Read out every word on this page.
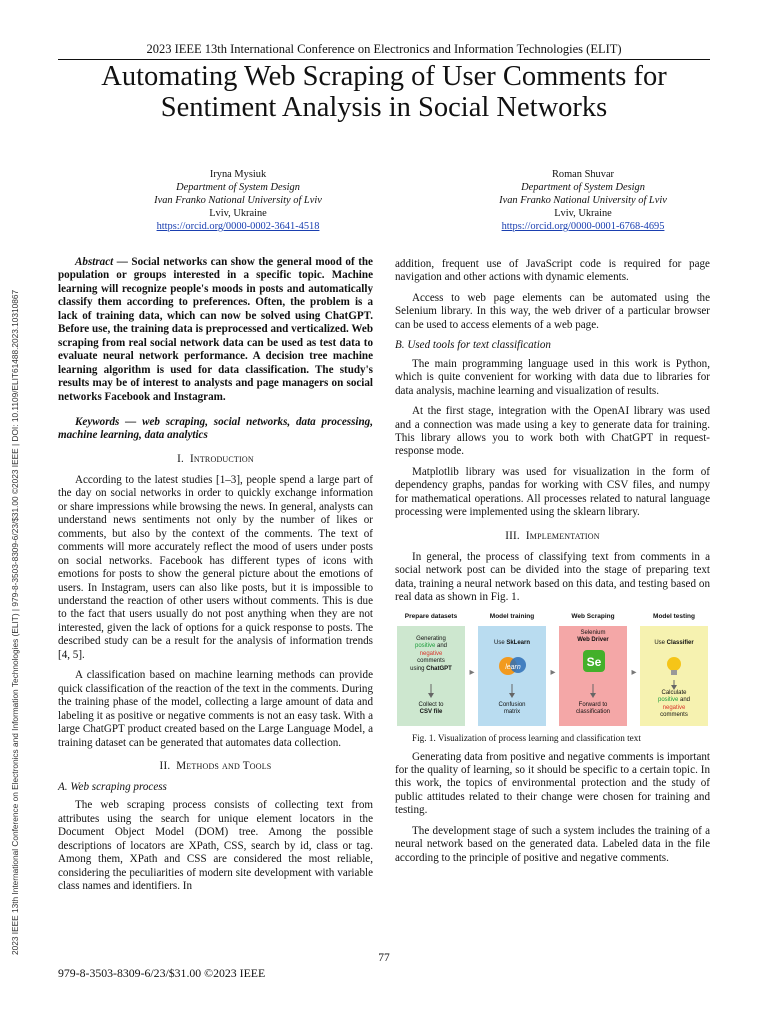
2023 IEEE 13th International Conference on Electronics and Information Technologies (ELIT) | 979-8-3503-8309-6/23/$31.00 ©2023 IEEE | DOI: 10.1109/ELIT61488.2023.10310867
2023 IEEE 13th International Conference on Electronics and Information Technologies (ELIT)
Automating Web Scraping of User Comments for
Sentiment Analysis in Social Networks
Iryna Mysiuk
Department of System Design
Ivan Franko National University of Lviv
Lviv, Ukraine
https://orcid.org/0000-0002-3641-4518
Roman Shuvar
Department of System Design
Ivan Franko National University of Lviv
Lviv, Ukraine
https://orcid.org/0000-0001-6768-4695

Abstract — Social networks can show the general mood of the population or groups interested in a specific topic. Machine learning will recognize people's moods in posts and automatically classify them according to preferences. Often, the problem is a lack of training data, which can now be solved using ChatGPT. Before use, the training data is preprocessed and verticalized. Web scraping from real social network data can be used as test data to evaluate neural network performance. A decision tree machine learning algorithm is used for data classification. The study's results may be of interest to analysts and page managers on social networks Facebook and Instagram.

Keywords — web scraping, social networks, data processing, machine learning, data analytics

I. Introduction

According to the latest studies [1–3], people spend a large part of the day on social networks in order to quickly exchange information or share impressions while browsing the news. In general, analysts can understand news sentiments not only by the number of likes or comments, but also by the context of the comments. The text of comments will more accurately reflect the mood of users under posts on social networks. Facebook has different types of icons with emotions for posts to show the general picture about the emotions of users. In Instagram, users can also like posts, but it is impossible to understand the reaction of other users without comments. This is due to the fact that users usually do not post anything when they are not interested, given the lack of options for a quick response to posts. The described study can be a result for the analysis of information trends [4, 5].

A classification based on machine learning methods can provide quick classification of the reaction of the text in the comments. During the training phase of the model, collecting a large amount of data and labeling it as positive or negative comments is not an easy task. With a large ChatGPT product created based on the Large Language Model, a training dataset can be generated that automates data collection.

II. Methods and Tools
A. Web scraping process

The web scraping process consists of collecting text from attributes using the search for unique element locators in the Document Object Model (DOM) tree. Among the possible descriptions of locators are XPath, CSS, search by id, class or tag. Among them, XPath and CSS are considered the most reliable, considering the peculiarities of modern site development with variable class names and identifiers. In

addition, frequent use of JavaScript code is required for page navigation and other actions with dynamic elements.

Access to web page elements can be automated using the Selenium library. In this way, the web driver of a particular browser can be used to access elements of a web page.

B. Used tools for text classification

The main programming language used in this work is Python, which is quite convenient for working with data due to libraries for data analysis, machine learning and visualization of results.

At the first stage, integration with the OpenAI library was used and a connection was made using a key to generate data for training. This library allows you to work both with ChatGPT in request-response mode.

Matplotlib library was used for visualization in the form of dependency graphs, pandas for working with CSV files, and numpy for mathematical operations. All processes related to natural language processing were implemented using the sklearn library.

III. Implementation

In general, the process of classifying text from comments in a social network post can be divided into the stage of preparing text data, training a neural network based on this data, and testing based on real data as shown in Fig. 1.

Prepare datasets
Generating
positive and
negative
comments
using ChatGPT
Collect to
CSV file
▸
Model training
Use SkLearn
learn
Confusion
matrix
▸
Web Scraping
Selenium
Web Driver
Se
Forward to
classification
▸
Model testing
Use Classifier
Calculate
positive and
negative
comments

Fig. 1. Visualization of process learning and classification text

Generating data from positive and negative comments is important for the quality of learning, so it should be specific to a certain topic. In this work, the topics of environmental protection and the study of public attitudes related to their change were chosen for training and testing.

The development stage of such a system includes the training of a neural network based on the generated data. Labeled data in the file according to the principle of positive and negative comments.

77
979-8-3503-8309-6/23/$31.00 ©2023 IEEE
